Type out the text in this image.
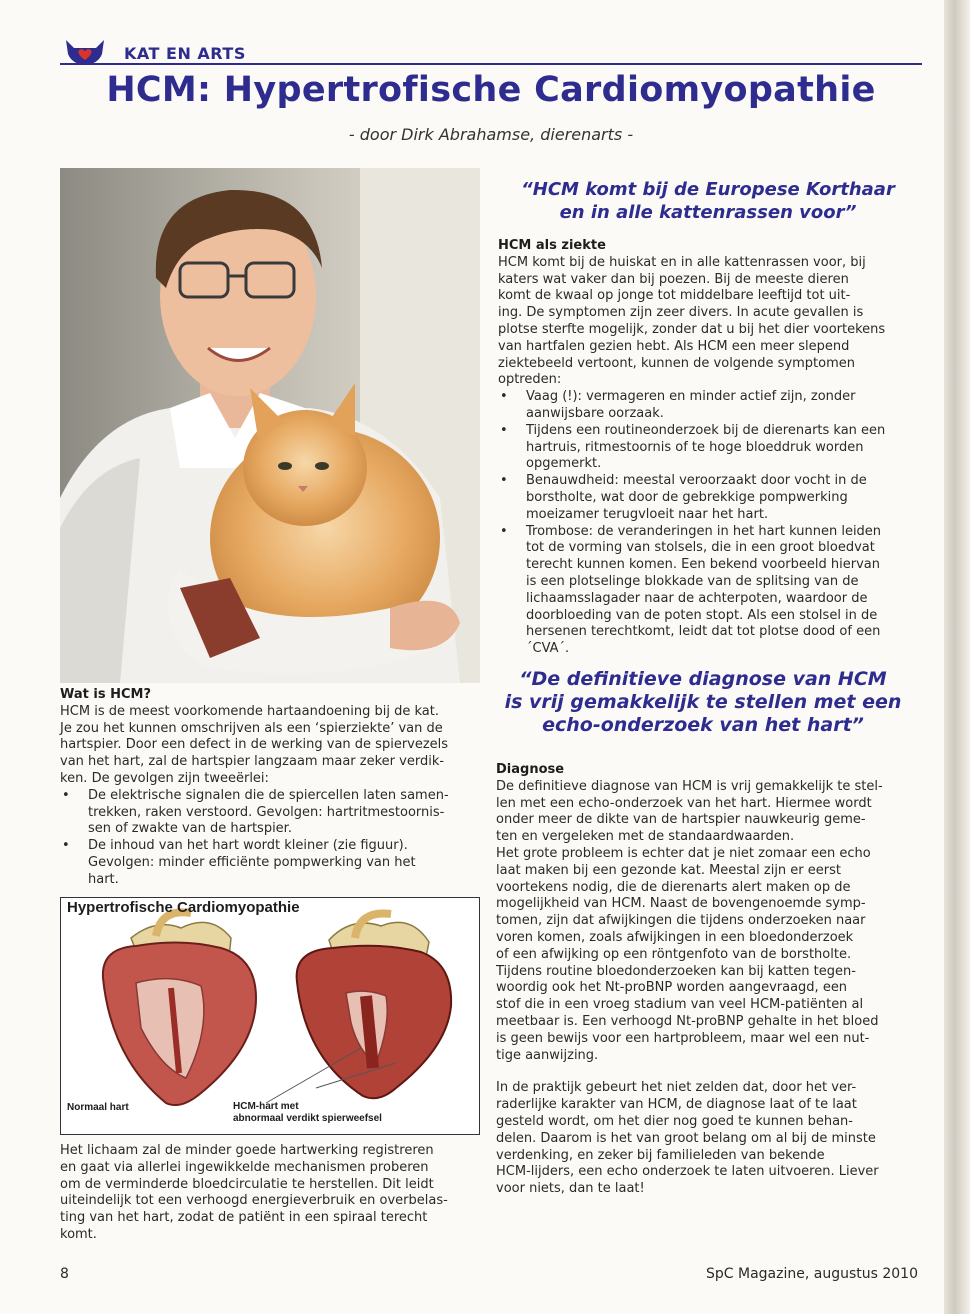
KAT EN ARTS
HCM: Hypertrofische Cardiomyopathie
- door Dirk Abrahamse, dierenarts -
Wat is HCM?

HCM is de meest voorkomende hartaandoening bij de kat.
Je zou het kunnen omschrijven als een ‘spierziekte’ van de
hartspier. Door een defect in de werking van de spiervezels
van het hart, zal de hartspier langzaam maar zeker verdik-
ken. De gevolgen zijn tweeërlei:

• De elektrische signalen die de spiercellen laten samen-
trekken, raken verstoord. Gevolgen: hartritmestoornis-
sen of zwakte van de hartspier.
• De inhoud van het hart wordt kleiner (zie figuur).
Gevolgen: minder efficiënte pompwerking van het
hart.
Hypertrofische Cardiomyopathie
Normaal hart	HCM-hart met
abnormaal verdikt spierweefsel
Het lichaam zal de minder goede hartwerking registreren
en gaat via allerlei ingewikkelde mechanismen proberen
om de verminderde bloedcirculatie te herstellen. Dit leidt
uiteindelijk tot een verhoogd energieverbruik en overbelas-
ting van het hart, zodat de patiënt in een spiraal terecht
komt.
“HCM komt bij de Europese Korthaar
en in alle kattenrassen voor”
HCM als ziekte

HCM komt bij de huiskat en in alle kattenrassen voor, bij
katers wat vaker dan bij poezen. Bij de meeste dieren
komt de kwaal op jonge tot middelbare leeftijd tot uit-
ing. De symptomen zijn zeer divers. In acute gevallen is
plotse sterfte mogelijk, zonder dat u bij het dier voortekens
van hartfalen gezien hebt. Als HCM een meer slepend
ziektebeeld vertoont, kunnen de volgende symptomen
optreden:

• Vaag (!): vermageren en minder actief zijn, zonder
aanwijsbare oorzaak.
• Tijdens een routineonderzoek bij de dierenarts kan een
hartruis, ritmestoornis of te hoge bloeddruk worden
opgemerkt.
• Benauwdheid: meestal veroorzaakt door vocht in de
borstholte, wat door de gebrekkige pompwerking
moeizamer terugvloeit naar het hart.
• Trombose: de veranderingen in het hart kunnen leiden
tot de vorming van stolsels, die in een groot bloedvat
terecht kunnen komen. Een bekend voorbeeld hiervan
is een plotselinge blokkade van de splitsing van de
lichaamsslagader naar de achterpoten, waardoor de
doorbloeding van de poten stopt. Als een stolsel in de
hersenen terechtkomt, leidt dat tot plotse dood of een
´CVA´.
“De definitieve diagnose van HCM
is vrij gemakkelijk te stellen met een
echo-onderzoek van het hart”
Diagnose

De definitieve diagnose van HCM is vrij gemakkelijk te stel-
len met een echo-onderzoek van het hart. Hiermee wordt
onder meer de dikte van de hartspier nauwkeurig geme-
ten en vergeleken met de standaardwaarden.
Het grote probleem is echter dat je niet zomaar een echo
laat maken bij een gezonde kat. Meestal zijn er eerst
voortekens nodig, die de dierenarts alert maken op de
mogelijkheid van HCM. Naast de bovengenoemde symp-
tomen, zijn dat afwijkingen die tijdens onderzoeken naar
voren komen, zoals afwijkingen in een bloedonderzoek
of een afwijking op een röntgenfoto van de borstholte.
Tijdens routine bloedonderzoeken kan bij katten tegen-
woordig ook het Nt-proBNP worden aangevraagd, een
stof die in een vroeg stadium van veel HCM-patiënten al
meetbaar is. Een verhoogd Nt-proBNP gehalte in het bloed
is geen bewijs voor een hartprobleem, maar wel een nut-
tige aanwijzing.

In de praktijk gebeurt het niet zelden dat, door het ver-
raderlijke karakter van HCM, de diagnose laat of te laat
gesteld wordt, om het dier nog goed te kunnen behan-
delen. Daarom is het van groot belang om al bij de minste
verdenking, en zeker bij familieleden van bekende
HCM-lijders, een echo onderzoek te laten uitvoeren. Liever
voor niets, dan te laat!

8	SpC Magazine, augustus 2010
